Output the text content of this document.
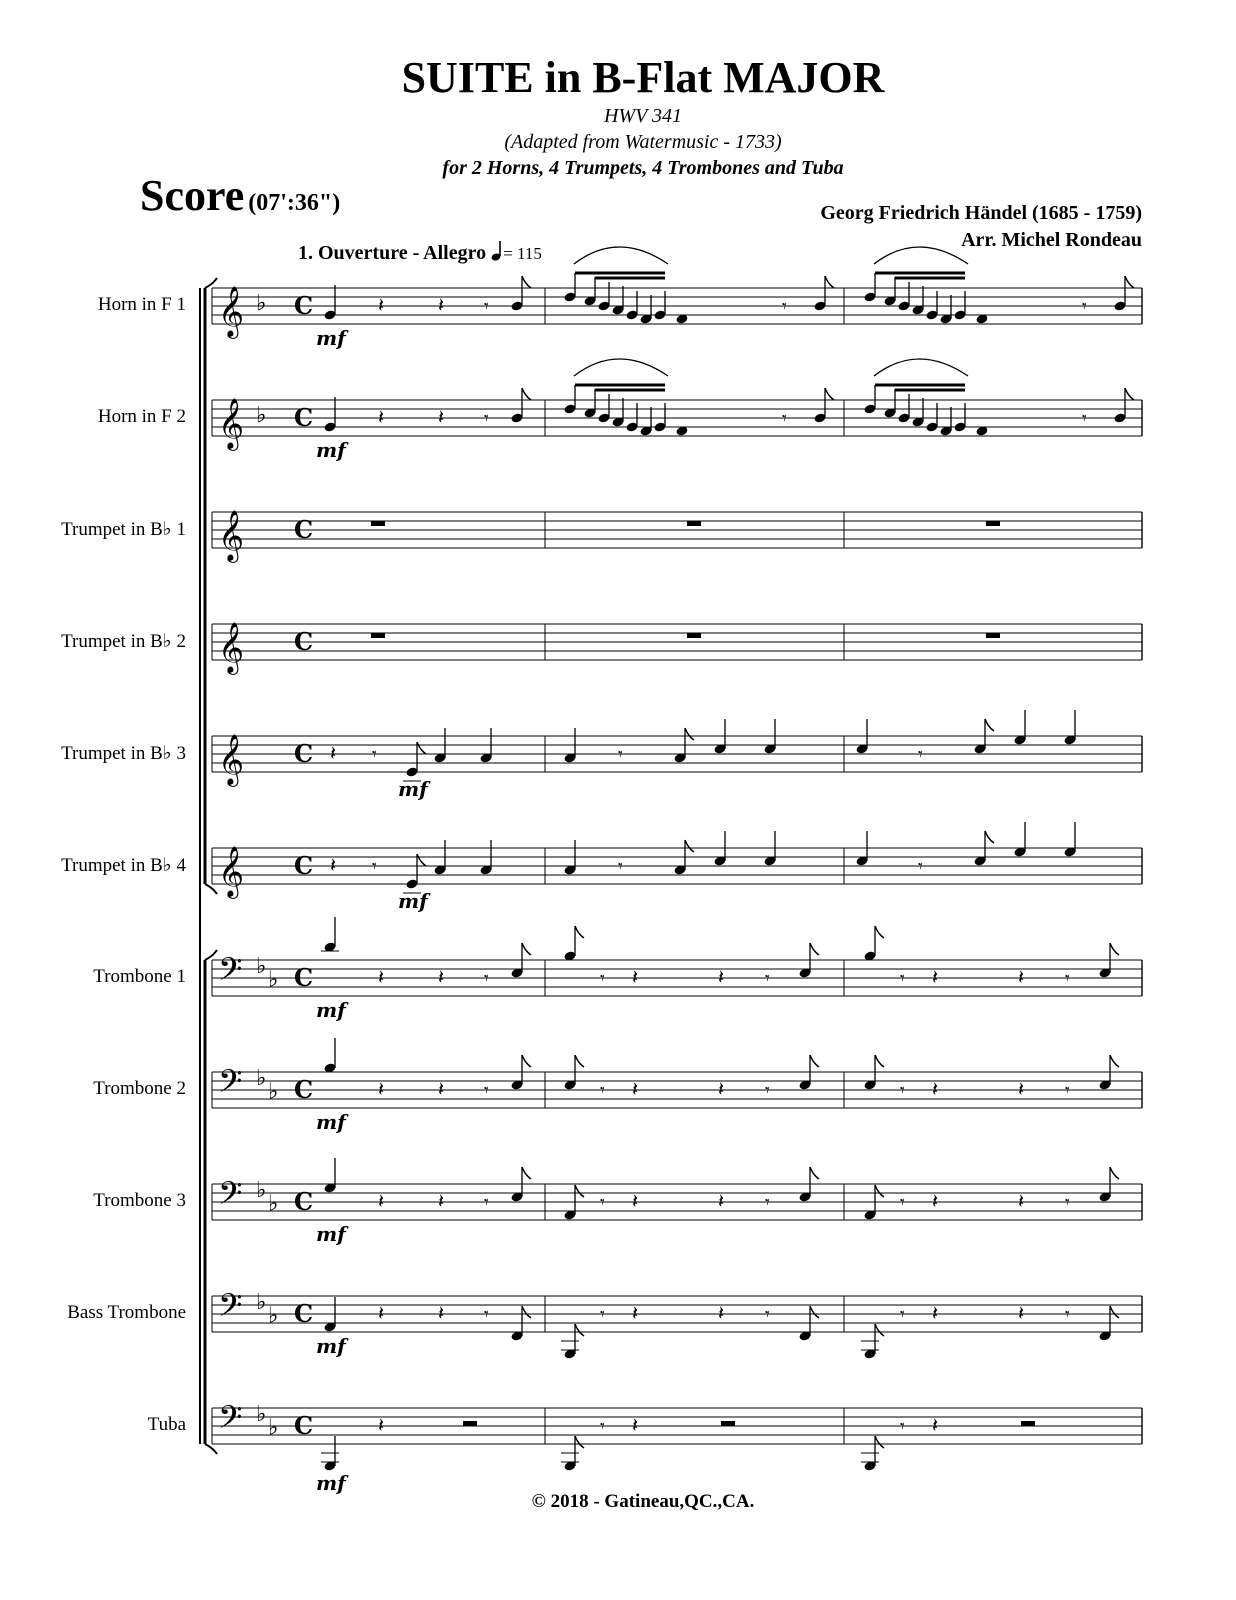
SUITE in B-Flat MAJOR
HWV 341
(Adapted from Watermusic - 1733)
for 2 Horns, 4 Trumpets, 4 Trombones and Tuba
Score (07':36")	Georg Friedrich Händel (1685 - 1759)
Arr. Michel Rondeau
1. Ouverture - Allegro = 115
Horn in F 1
Horn in F 2
Trumpet in B♭ 1
Trumpet in B♭ 2
Trumpet in B♭ 3
Trumpet in B♭ 4
Trombone 1
Trombone 2
Trombone 3
Bass Trombone
Tuba
𝄞 ♭ C
𝄞 ♭ C
𝄞 C
𝄞 C
𝄞 C
𝄞 C
𝄢 ♭
♭ C
𝄢 ♭
♭ C
𝄢 ♭
♭ C
𝄢 ♭
♭ C
𝄢 ♭
♭ C
mf
𝄽	𝄽 𝄾	𝄾	𝄾
mf
𝄽	𝄽 𝄾	𝄾	𝄾
𝄽 𝄾
mf
𝄾	𝄾
𝄽 𝄾
mf
𝄾	𝄾
mf
𝄽	𝄽 𝄾	𝄾 𝄽	𝄽 𝄾	𝄾 𝄽	𝄽 𝄾
mf
𝄽	𝄽 𝄾	𝄾 𝄽	𝄽 𝄾	𝄾 𝄽	𝄽 𝄾
mf
𝄽	𝄽 𝄾	𝄾 𝄽	𝄽 𝄾	𝄾 𝄽	𝄽 𝄾
mf
𝄽	𝄽 𝄾	𝄾 𝄽	𝄽 𝄾	𝄾 𝄽	𝄽 𝄾
mf
𝄽	𝄾 𝄽	𝄾 𝄽
© 2018 - Gatineau,QC.,CA.
